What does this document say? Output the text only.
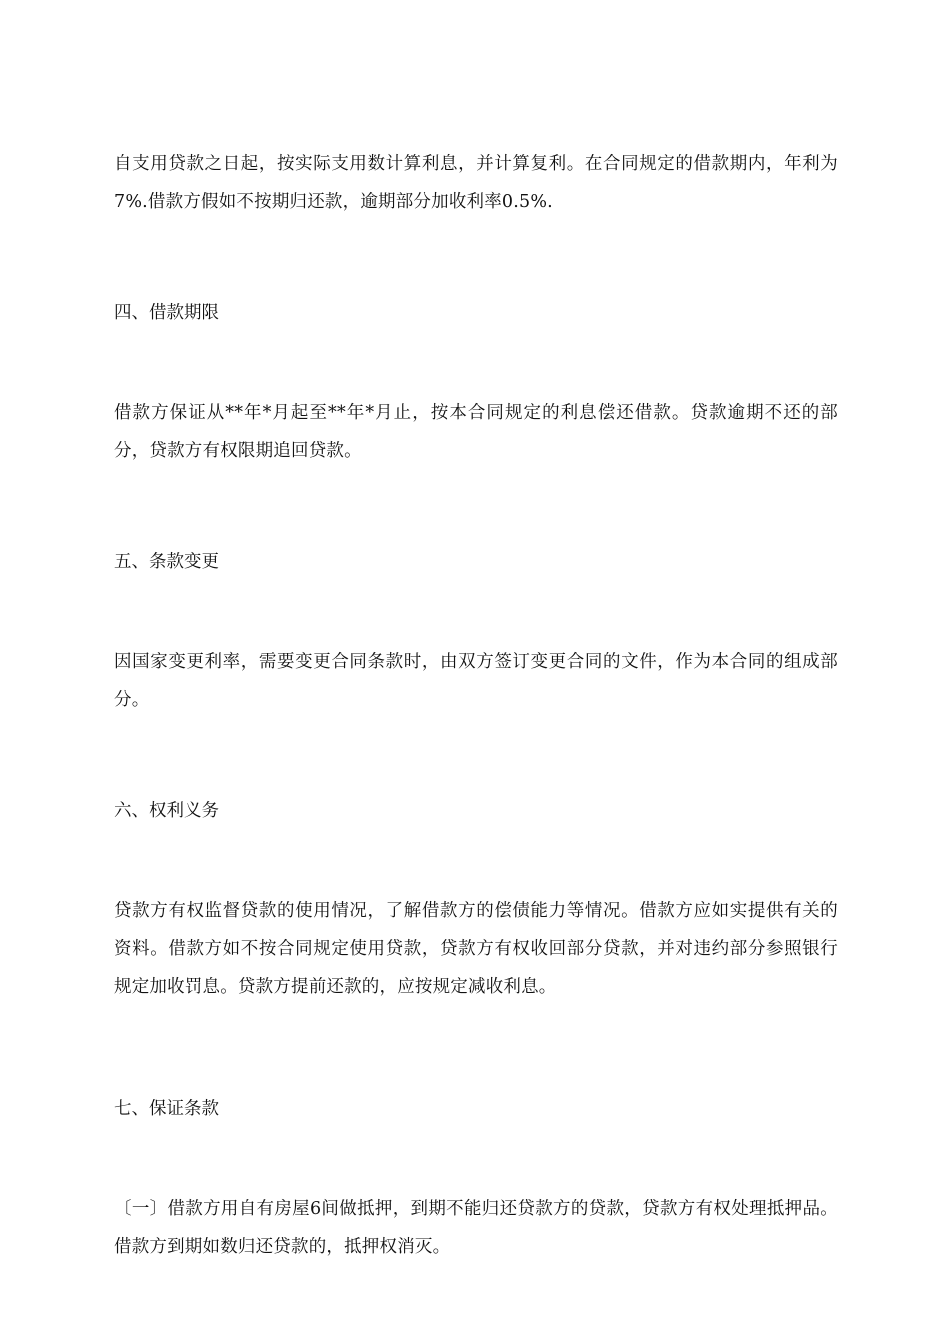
自支用贷款之日起，按实际支用数计算利息，并计算复利。在合同规定的借款期内，年利为7%.借款方假如不按期归还款，逾期部分加收利率0.5%.

四、借款期限

借款方保证从**年*月起至**年*月止，按本合同规定的利息偿还借款。贷款逾期不还的部分，贷款方有权限期追回贷款。

五、条款变更

因国家变更利率，需要变更合同条款时，由双方签订变更合同的文件，作为本合同的组成部分。

六、权利义务

贷款方有权监督贷款的使用情况，了解借款方的偿债能力等情况。借款方应如实提供有关的资料。借款方如不按合同规定使用贷款，贷款方有权收回部分贷款，并对违约部分参照银行规定加收罚息。贷款方提前还款的，应按规定减收利息。

七、保证条款

〔一〕借款方用自有房屋6间做抵押，到期不能归还贷款方的贷款，贷款方有权处理抵押品。借款方到期如数归还贷款的，抵押权消灭。
